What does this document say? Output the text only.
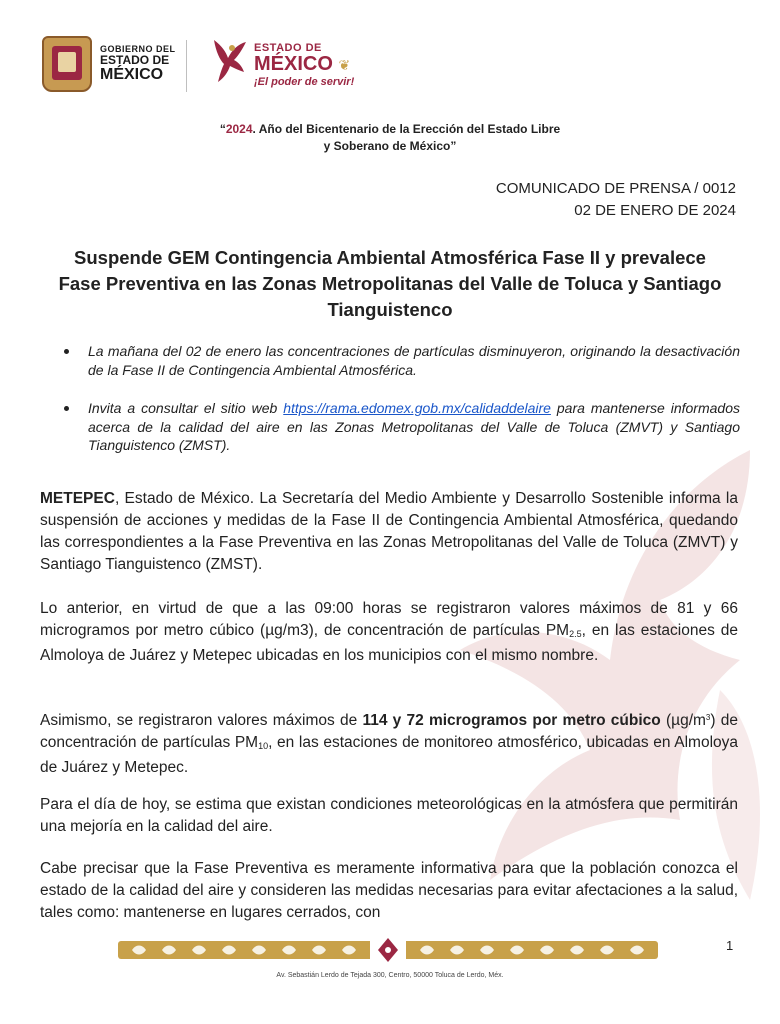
GOBIERNO DEL
ESTADO DE
MÉXICO
ESTADO DE
MÉXICO ❦
¡El poder de servir!
“2024. Año del Bicentenario de la Erección del Estado Libre
y Soberano de México”
COMUNICADO DE PRENSA / 0012
02 DE ENERO DE 2024
Suspende GEM Contingencia Ambiental Atmosférica Fase II y prevalece Fase Preventiva en las Zonas Metropolitanas del Valle de Toluca y Santiago Tianguistenco
La mañana del 02 de enero las concentraciones de partículas disminuyeron, originando la desactivación de la Fase II de Contingencia Ambiental Atmosférica.
Invita a consultar el sitio web https://rama.edomex.gob.mx/calidaddelaire para mantenerse informados acerca de la calidad del aire en las Zonas Metropolitanas del Valle de Toluca (ZMVT) y Santiago Tianguistenco (ZMST).

METEPEC, Estado de México. La Secretaría del Medio Ambiente y Desarrollo Sostenible informa la suspensión de acciones y medidas de la Fase II de Contingencia Ambiental Atmosférica, quedando las correspondientes a la Fase Preventiva en las Zonas Metropolitanas del Valle de Toluca (ZMVT) y Santiago Tianguistenco (ZMST).

Lo anterior, en virtud de que a las 09:00 horas se registraron valores máximos de 81 y 66 microgramos por metro cúbico (µg/m3), de concentración de partículas $PM_{2.5}$, en las estaciones de Almoloya de Juárez y Metepec ubicadas en los municipios con el mismo nombre.

Asimismo, se registraron valores máximos de 114 y 72 microgramos por metro cúbico $(\mu g/m^3)$ de concentración de partículas $PM_{10}$, en las estaciones de monitoreo atmosférico, ubicadas en Almoloya de Juárez y Metepec.

Para el día de hoy, se estima que existan condiciones meteorológicas en la atmósfera que permitirán una mejoría en la calidad del aire.

Cabe precisar que la Fase Preventiva es meramente informativa para que la población conozca el estado de la calidad del aire y consideren las medidas necesarias para evitar afectaciones a la salud, tales como: mantenerse en lugares cerrados, con

1
Av. Sebastián Lerdo de Tejada 300, Centro, 50000 Toluca de Lerdo, Méx.
